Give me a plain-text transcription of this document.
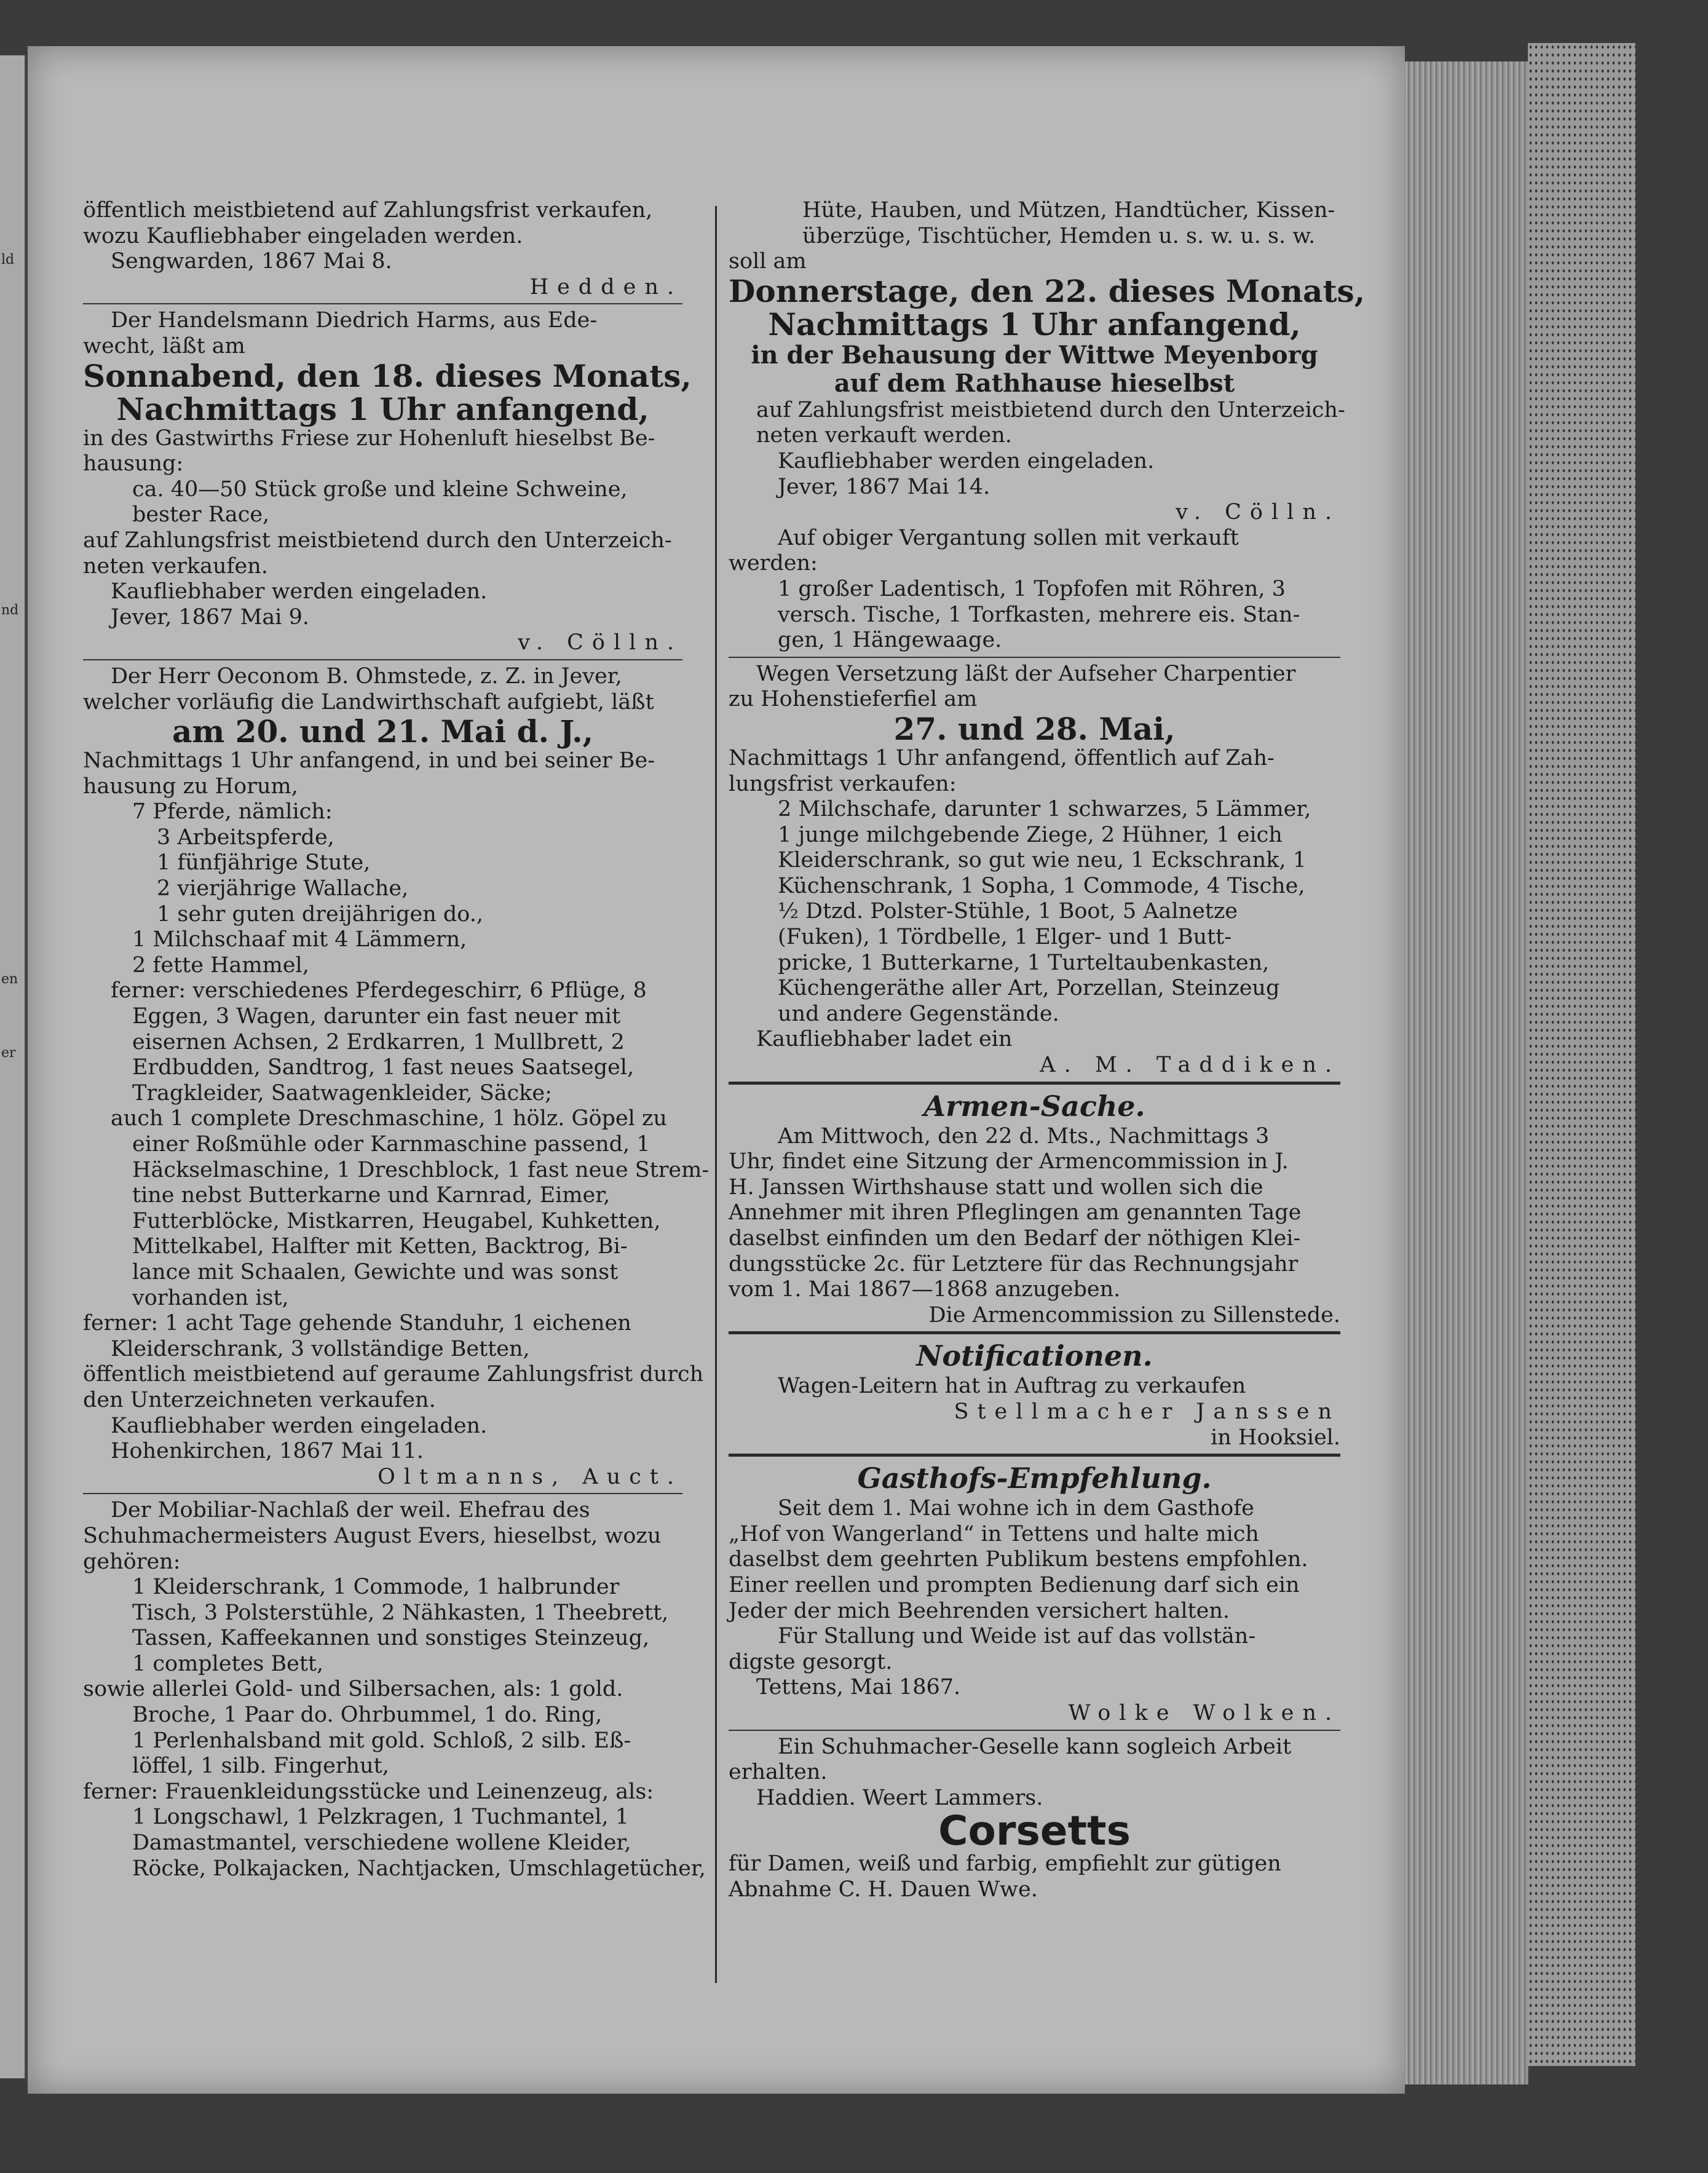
ld
nd
en
er

öffentlich meistbietend auf Zahlungsfrist verkaufen,

wozu Kaufliebhaber eingeladen werden.

Sengwarden, 1867 Mai 8.

Hedden.

Der Handelsmann Diedrich Harms, aus Ede-

wecht, läßt am

Sonnabend, den 18. dieses Monats,

Nachmittags 1 Uhr anfangend,

in des Gastwirths Friese zur Hohenluft hieselbst Be-

hausung:

ca. 40—50 Stück große und kleine Schweine,

bester Race,

auf Zahlungsfrist meistbietend durch den Unterzeich-

neten verkaufen.

Kaufliebhaber werden eingeladen.

Jever, 1867 Mai 9.

v. Cölln.

Der Herr Oeconom B. Ohmstede, z. Z. in Jever,

welcher vorläufig die Landwirthschaft aufgiebt, läßt

am 20. und 21. Mai d. J.,

Nachmittags 1 Uhr anfangend, in und bei seiner Be-

hausung zu Horum,

7 Pferde, nämlich:

3 Arbeitspferde,

1 fünfjährige Stute,

2 vierjährige Wallache,

1 sehr guten dreijährigen do.,

1 Milchschaaf mit 4 Lämmern,

2 fette Hammel,

ferner: verschiedenes Pferdegeschirr, 6 Pflüge, 8

Eggen, 3 Wagen, darunter ein fast neuer mit

eisernen Achsen, 2 Erdkarren, 1 Mullbrett, 2

Erdbudden, Sandtrog, 1 fast neues Saatsegel,

Tragkleider, Saatwagenkleider, Säcke;

auch 1 complete Dreschmaschine, 1 hölz. Göpel zu

einer Roßmühle oder Karnmaschine passend, 1

Häckselmaschine, 1 Dreschblock, 1 fast neue Strem-

tine nebst Butterkarne und Karnrad, Eimer,

Futterblöcke, Mistkarren, Heugabel, Kuhketten,

Mittelkabel, Halfter mit Ketten, Backtrog, Bi-

lance mit Schaalen, Gewichte und was sonst

vorhanden ist,

ferner: 1 acht Tage gehende Standuhr, 1 eichenen

Kleiderschrank, 3 vollständige Betten,

öffentlich meistbietend auf geraume Zahlungsfrist durch

den Unterzeichneten verkaufen.

Kaufliebhaber werden eingeladen.

Hohenkirchen, 1867 Mai 11.

Oltmanns, Auct.

Der Mobiliar-Nachlaß der weil. Ehefrau des

Schuhmachermeisters August Evers, hieselbst, wozu

gehören:

1 Kleiderschrank, 1 Commode, 1 halbrunder

Tisch, 3 Polsterstühle, 2 Nähkasten, 1 Theebrett,

Tassen, Kaffeekannen und sonstiges Steinzeug,

1 completes Bett,

sowie allerlei Gold- und Silbersachen, als: 1 gold.

Broche, 1 Paar do. Ohrbummel, 1 do. Ring,

1 Perlenhalsband mit gold. Schloß, 2 silb. Eß-

löffel, 1 silb. Fingerhut,

ferner: Frauenkleidungsstücke und Leinenzeug, als:

1 Longschawl, 1 Pelzkragen, 1 Tuchmantel, 1

Damastmantel, verschiedene wollene Kleider,

Röcke, Polkajacken, Nachtjacken, Umschlagetücher,

Hüte, Hauben, und Mützen, Handtücher, Kissen-

überzüge, Tischtücher, Hemden u. s. w. u. s. w.

soll am

Donnerstage, den 22. dieses Monats,

Nachmittags 1 Uhr anfangend,

in der Behausung der Wittwe Meyenborg

auf dem Rathhause hieselbst

auf Zahlungsfrist meistbietend durch den Unterzeich-

neten verkauft werden.

Kaufliebhaber werden eingeladen.

Jever, 1867 Mai 14.

v. Cölln.

Auf obiger Vergantung sollen mit verkauft

werden:

1 großer Ladentisch, 1 Topfofen mit Röhren, 3

versch. Tische, 1 Torfkasten, mehrere eis. Stan-

gen, 1 Hängewaage.

Wegen Versetzung läßt der Aufseher Charpentier

zu Hohenstieferfiel am

27. und 28. Mai,

Nachmittags 1 Uhr anfangend, öffentlich auf Zah-

lungsfrist verkaufen:

2 Milchschafe, darunter 1 schwarzes, 5 Lämmer,

1 junge milchgebende Ziege, 2 Hühner, 1 eich

Kleiderschrank, so gut wie neu, 1 Eckschrank, 1

Küchenschrank, 1 Sopha, 1 Commode, 4 Tische,

½ Dtzd. Polster-Stühle, 1 Boot, 5 Aalnetze

(Fuken), 1 Tördbelle, 1 Elger- und 1 Butt-

pricke, 1 Butterkarne, 1 Turteltaubenkasten,

Küchengeräthe aller Art, Porzellan, Steinzeug

und andere Gegenstände.

Kaufliebhaber ladet ein

A. M. Taddiken.

Armen-Sache.

Am Mittwoch, den 22 d. Mts., Nachmittags 3

Uhr, findet eine Sitzung der Armencommission in J.

H. Janssen Wirthshause statt und wollen sich die

Annehmer mit ihren Pfleglingen am genannten Tage

daselbst einfinden um den Bedarf der nöthigen Klei-

dungsstücke 2c. für Letztere für das Rechnungsjahr

vom 1. Mai 1867—1868 anzugeben.

Die Armencommission zu Sillenstede.

Notificationen.

Wagen-Leitern hat in Auftrag zu verkaufen

Stellmacher Janssen

in Hooksiel.

Gasthofs-Empfehlung.

Seit dem 1. Mai wohne ich in dem Gasthofe

„Hof von Wangerland“ in Tettens und halte mich

daselbst dem geehrten Publikum bestens empfohlen.

Einer reellen und prompten Bedienung darf sich ein

Jeder der mich Beehrenden versichert halten.

Für Stallung und Weide ist auf das vollstän-

digste gesorgt.

Tettens, Mai 1867.

Wolke Wolken.

Ein Schuhmacher-Geselle kann sogleich Arbeit

erhalten.

Haddien. Weert Lammers.

Corsetts

für Damen, weiß und farbig, empfiehlt zur gütigen

Abnahme C. H. Dauen Wwe.
